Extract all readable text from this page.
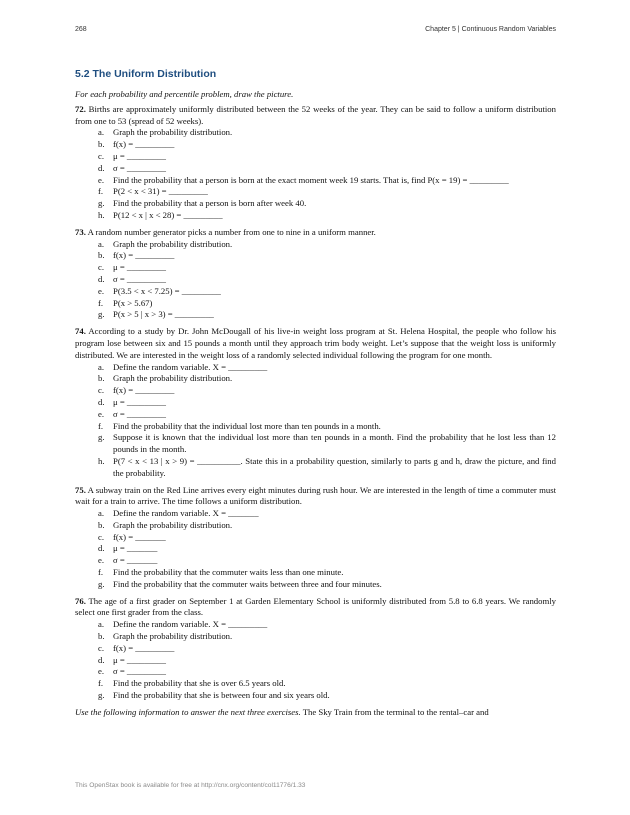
268	Chapter 5 | Continuous Random Variables
5.2 The Uniform Distribution

For each probability and percentile problem, draw the picture.

72. Births are approximately uniformly distributed between the 52 weeks of the year. They can be said to follow a uniform distribution from one to 53 (spread of 52 weeks).

a. Graph the probability distribution.
b. f(x) = _________
c. μ = _________
d. σ = _________
e. Find the probability that a person is born at the exact moment week 19 starts. That is, find P(x = 19) = _________
f. P(2 < x < 31) = _________
g. Find the probability that a person is born after week 40.
h. P(12 < x | x < 28) = _________

73. A random number generator picks a number from one to nine in a uniform manner.

a. Graph the probability distribution.
b. f(x) = _________
c. μ = _________
d. σ = _________
e. P(3.5 < x < 7.25) = _________
f. P(x > 5.67)
g. P(x > 5 | x > 3) = _________

74. According to a study by Dr. John McDougall of his live-in weight loss program at St. Helena Hospital, the people who follow his program lose between six and 15 pounds a month until they approach trim body weight. Let’s suppose that the weight loss is uniformly distributed. We are interested in the weight loss of a randomly selected individual following the program for one month.

a. Define the random variable. X = _________
b. Graph the probability distribution.
c. f(x) = _________
d. μ = _________
e. σ = _________
f. Find the probability that the individual lost more than ten pounds in a month.
g. Suppose it is known that the individual lost more than ten pounds in a month. Find the probability that he lost less than 12 pounds in the month.
h. P(7 < x < 13 | x > 9) = __________. State this in a probability question, similarly to parts g and h, draw the picture, and find the probability.

75. A subway train on the Red Line arrives every eight minutes during rush hour. We are interested in the length of time a commuter must wait for a train to arrive. The time follows a uniform distribution.

a. Define the random variable. X = _______
b. Graph the probability distribution.
c. f(x) = _______
d. μ = _______
e. σ = _______
f. Find the probability that the commuter waits less than one minute.
g. Find the probability that the commuter waits between three and four minutes.

76. The age of a first grader on September 1 at Garden Elementary School is uniformly distributed from 5.8 to 6.8 years. We randomly select one first grader from the class.

a. Define the random variable. X = _________
b. Graph the probability distribution.
c. f(x) = _________
d. μ = _________
e. σ = _________
f. Find the probability that she is over 6.5 years old.
g. Find the probability that she is between four and six years old.

Use the following information to answer the next three exercises. The Sky Train from the terminal to the rental–car and

This OpenStax book is available for free at http://cnx.org/content/col11776/1.33
